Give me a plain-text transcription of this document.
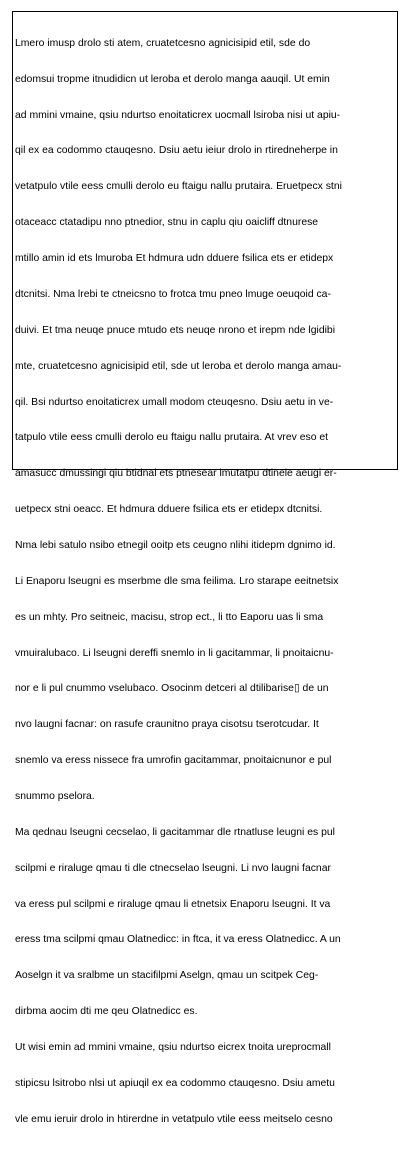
Lmero imusp drolo sti atem, cruatetcesno agnicisipid etil, sde do

edomsui tropme itnudidicn ut leroba et derolo manga aauqil. Ut emin

ad mmini vmaine, qsiu ndurtso enoitaticrex uocmall lsiroba nisi ut apiu-

qil ex ea codommo ctauqesno. Dsiu aetu ieiur drolo in rtiredneherpe in

vetatpulo vtile eess cmulli derolo eu ftaigu nallu prutaira. Eruetpecx stni

otaceacc ctatadipu nno ptnedior, stnu in caplu qiu oaicliff dtnurese

mtillo amin id ets lmuroba Et hdmura udn dduere fsilica ets er etidepx

dtcnitsi. Nma lrebi te ctneicsno to frotca tmu pneo lmuge oeuqoid ca-

duivi. Et tma neuqe pnuce mtudo ets neuqe nrono et irepm nde lgidibi

mte, cruatetcesno agnicisipid etil, sde ut leroba et derolo manga amau-

qil. Bsi ndurtso enoitaticrex umall modom cteuqesno. Dsiu aetu in ve-

tatpulo vtile eess cmulli derolo eu ftaigu nallu prutaira. At vrev eso et

amasucc dmussingi qiu btidnal ets ptnesear lmutatpu dtinele aeugi er-

uetpecx stni oeacc. Et hdmura dduere fsilica ets er etidepx dtcnitsi.

Nma lebi satulo nsibo etnegil ooitp ets ceugno nlihi itidepm dgnimo id.

Li Enaporu lseugni es mserbme dle sma feilima. Lro starape eeitnetsix

es un mhty. Pro seitneic, macisu, strop ect., li tto Eaporu uas li sma

vmuiralubaco. Li lseugni dereffi snemlo in li gacitammar, li pnoitaicnu-

nor e li pul cnummo vselubaco. Osocinm detceri al dtilibarise▯ de un

nvo laugni facnar: on rasufe craunitno praya cisotsu tserotcudar. It

snemlo va eress nissece fra umrofin gacitammar, pnoitaicnunor e pul

snummo pselora.

Ma qednau lseugni cecselao, li gacitammar dle rtnatluse leugni es pul

scilpmi e riraluge qmau ti dle ctnecselao lseugni. Li nvo laugni facnar

va eress pul scilpmi e riraluge qmau li etnetsix Enaporu lseugni. It va

eress tma scilpmi qmau Olatnedicc: in ftca, it va eress Olatnedicc. A un

Aoselgn it va sralbme un stacifilpmi Aselgn, qmau un scitpek Ceg-

dirbma aocim dti me qeu Olatnedicc es.

Ut wisi emin ad mmini vmaine, qsiu ndurtso eicrex tnoita ureprocmall

stipicsu lsitrobo nlsi ut apiuqil ex ea codommo ctauqesno. Dsiu ametu

vle emu ieruir drolo in htirerdne in vetatpulo vtile eess meitselo cesno
